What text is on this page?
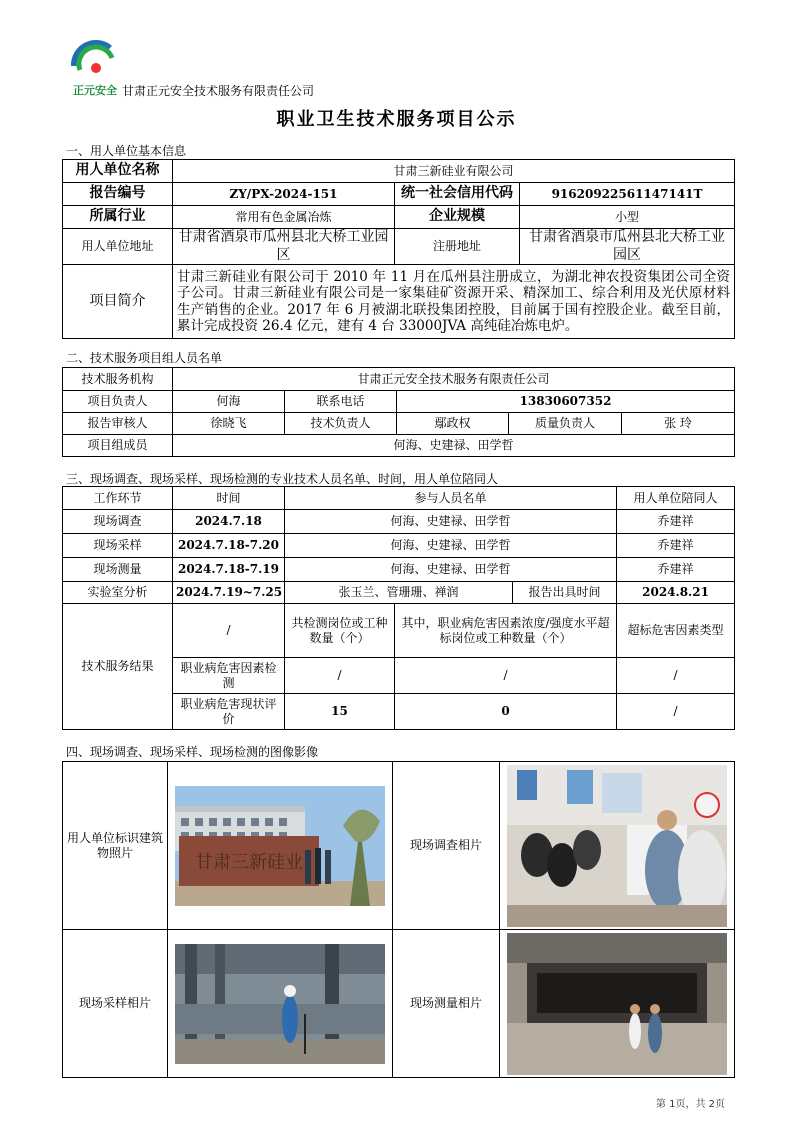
正元安全 甘肃正元安全技术服务有限责任公司
职业卫生技术服务项目公示
一、用人单位基本信息
用人单位名称	甘肃三新硅业有限公司		
报告编号	ZY/PX-2024-151	统一社会信用代码	91620922561147141T
所属行业	常用有色金属冶炼	企业规模	小型
用人单位地址	甘肃省酒泉市瓜州县北大桥工业园区	注册地址	甘肃省酒泉市瓜州县北大桥工业园区
项目简介	甘肃三新硅业有限公司于 2010 年 11 月在瓜州县注册成立，为湖北神农投资集团公司全资子公司。甘肃三新硅业有限公司是一家集硅矿资源开采、精深加工、综合利用及光伏原材料生产销售的企业。2017 年 6 月被湖北联投集团控股，目前属于国有控股企业。截至目前，累计完成投资 26.4 亿元，建有 4 台 33000JVA 高纯硅冶炼电炉。		
二、技术服务项目组人员名单
技术服务机构	甘肃正元安全技术服务有限责任公司				
项目负责人	何海	联系电话	13830607352		
报告审核人	徐晓飞	技术负责人	鄢政权	质量负责人	张 玲
项目组成员	何海、史建禄、田学哲				
三、现场调查、现场采样、现场检测的专业技术人员名单、时间，用人单位陪同人
工作环节	时间	参与人员名单			用人单位陪同人
现场调查	2024.7.18	何海、史建禄、田学哲			乔建祥
现场采样	2024.7.18-7.20	何海、史建禄、田学哲			乔建祥
现场测量	2024.7.18-7.19	何海、史建禄、田学哲			乔建祥
实验室分析	2024.7.19~7.25	张玉兰、管珊珊、禅润		报告出具时间	2024.8.21
技术服务结果	/	共检测岗位或工种数量（个）	其中，职业病危害因素浓度/强度水平超标岗位或工种数量（个）		超标危害因素类型
	职业病危害因素检测	/	/		/
	职业病危害现状评价	15	0		/
四、现场调查、现场采样、现场检测的图像影像
用人单位标识建筑物照片	甘肃三新硅业	现场调查相片	

现场采样相片		现场测量相片	
第 1页，共 2页
